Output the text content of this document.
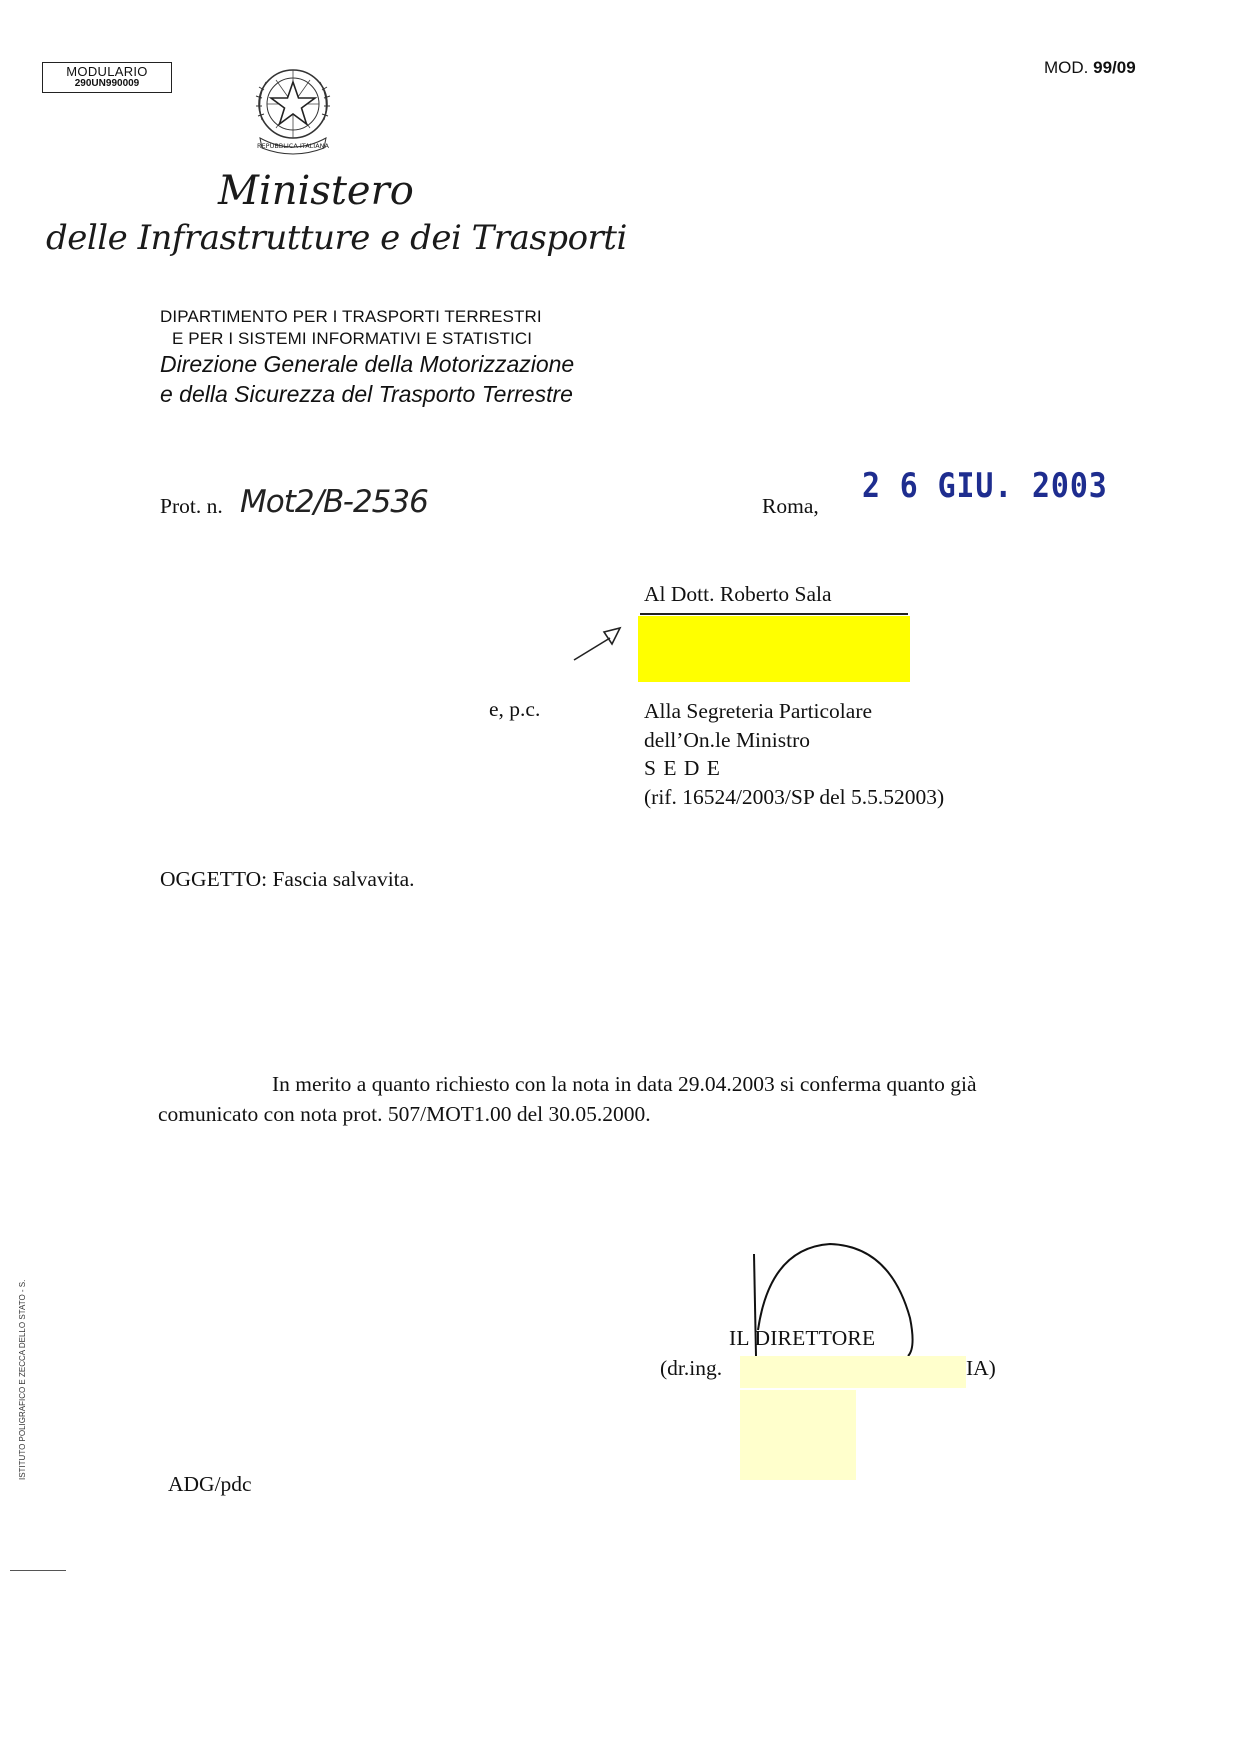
MODULARIO
290UN990009
MOD. 99/09
REPUBBLICA ITALIANA
Ministero
delle Infrastrutture e dei Trasporti
DIPARTIMENTO PER I TRASPORTI TERRESTRI
E PER I SISTEMI INFORMATIVI E STATISTICI
Direzione Generale della Motorizzazione
e della Sicurezza del Trasporto Terrestre
Prot. n. Mot2/B-2536	Roma, 2 6 GIU. 2003
Al Dott. Roberto Sala
e, p.c.	Alla Segreteria Particolare
dell’On.le Ministro
S E D E
(rif. 16524/2003/SP del 5.5.52003)
OGGETTO: Fascia salvavita.
In merito a quanto richiesto con la nota in data 29.04.2003 si conferma quanto già
comunicato con nota prot. 507/MOT1.00 del 30.05.2000.
IL DIRETTORE
(dr.ing.	IA)
ADG/pdc
ISTITUTO POLIGRAFICO E ZECCA DELLO STATO - S.
